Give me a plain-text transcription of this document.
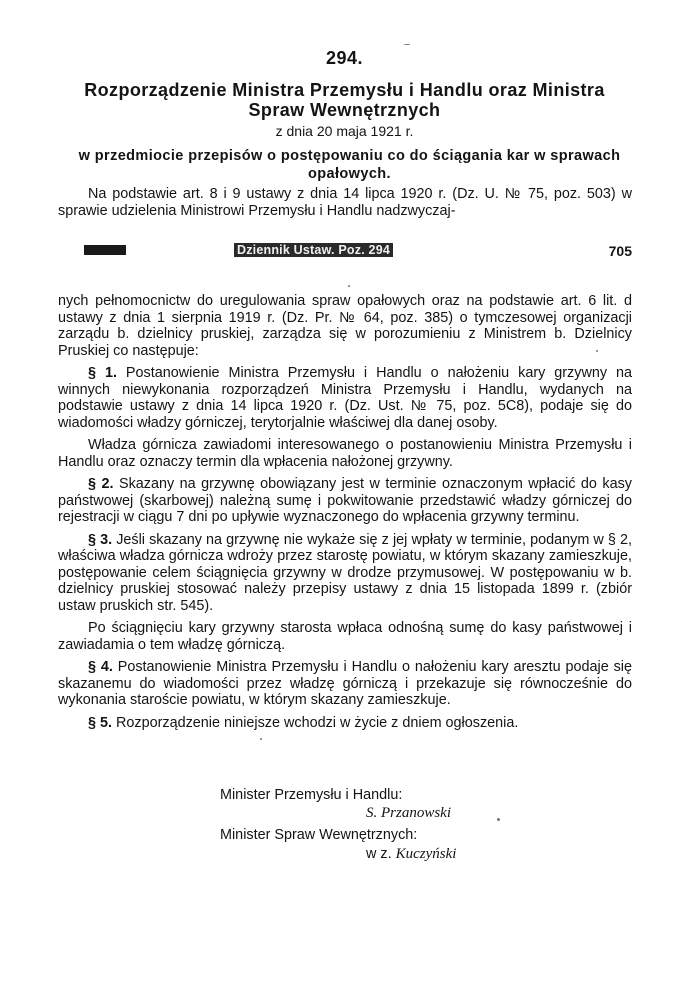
294.
Rozporządzenie Ministra Przemysłu i Handlu oraz Ministra Spraw Wewnętrznych
z dnia 20 maja 1921 r.
w przedmiocie przepisów o postępowaniu co do ściągania kar w sprawach opałowych.
Na podstawie art. 8 i 9 ustawy z dnia 14 lipca 1920 r. (Dz. U. № 75, poz. 503) w sprawie udzielenia Ministrowi Przemysłu i Handlu nadzwyczaj-
Dziennik Ustaw. Poz. 294	705

nych pełnomocnictw do uregulowania spraw opałowych oraz na podstawie art. 6 lit. d ustawy z dnia 1 sierpnia 1919 r. (Dz. Pr. № 64, poz. 385) o tymczesowej organizacji zarządu b. dzielnicy pruskiej, zarządza się w porozumieniu z Ministrem b. Dzielnicy Pruskiej co następuje:

§ 1. Postanowienie Ministra Przemysłu i Handlu o nałożeniu kary grzywny na winnych niewykonania rozporządzeń Ministra Przemysłu i Handlu, wydanych na podstawie ustawy z dnia 14 lipca 1920 r. (Dz. Ust. № 75, poz. 5C8), podaje się do wiadomości władzy górniczej, terytorjalnie właściwej dla danej osoby.

Władza górnicza zawiadomi interesowanego o postanowieniu Ministra Przemysłu i Handlu oraz oznaczy termin dla wpłacenia nałożonej grzywny.

§ 2. Skazany na grzywnę obowiązany jest w terminie oznaczonym wpłacić do kasy państwowej (skarbowej) należną sumę i pokwitowanie przedstawić władzy górniczej do rejestracji w ciągu 7 dni po upływie wyznaczonego do wpłacenia grzywny terminu.

§ 3. Jeśli skazany na grzywnę nie wykaże się z jej wpłaty w terminie, podanym w § 2, właściwa władza górnicza wdroży przez starostę powiatu, w którym skazany zamieszkuje, postępowanie celem ściągnięcia grzywny w drodze przymusowej. W postępowaniu w b. dzielnicy pruskiej stosować należy przepisy ustawy z dnia 15 listopada 1899 r. (zbiór ustaw pruskich str. 545).

Po ściągnięciu kary grzywny starosta wpłaca odnośną sumę do kasy państwowej i zawiadamia o tem władzę górniczą.

§ 4. Postanowienie Ministra Przemysłu i Handlu o nałożeniu kary aresztu podaje się skazanemu do wiadomości przez władzę górniczą i przekazuje się równocześnie do wykonania staroście powiatu, w którym skazany zamieszkuje.

§ 5. Rozporządzenie niniejsze wchodzi w życie z dniem ogłoszenia.

Minister Przemysłu i Handlu:
S. Przanowski
Minister Spraw Wewnętrznych:
w z. Kuczyński
